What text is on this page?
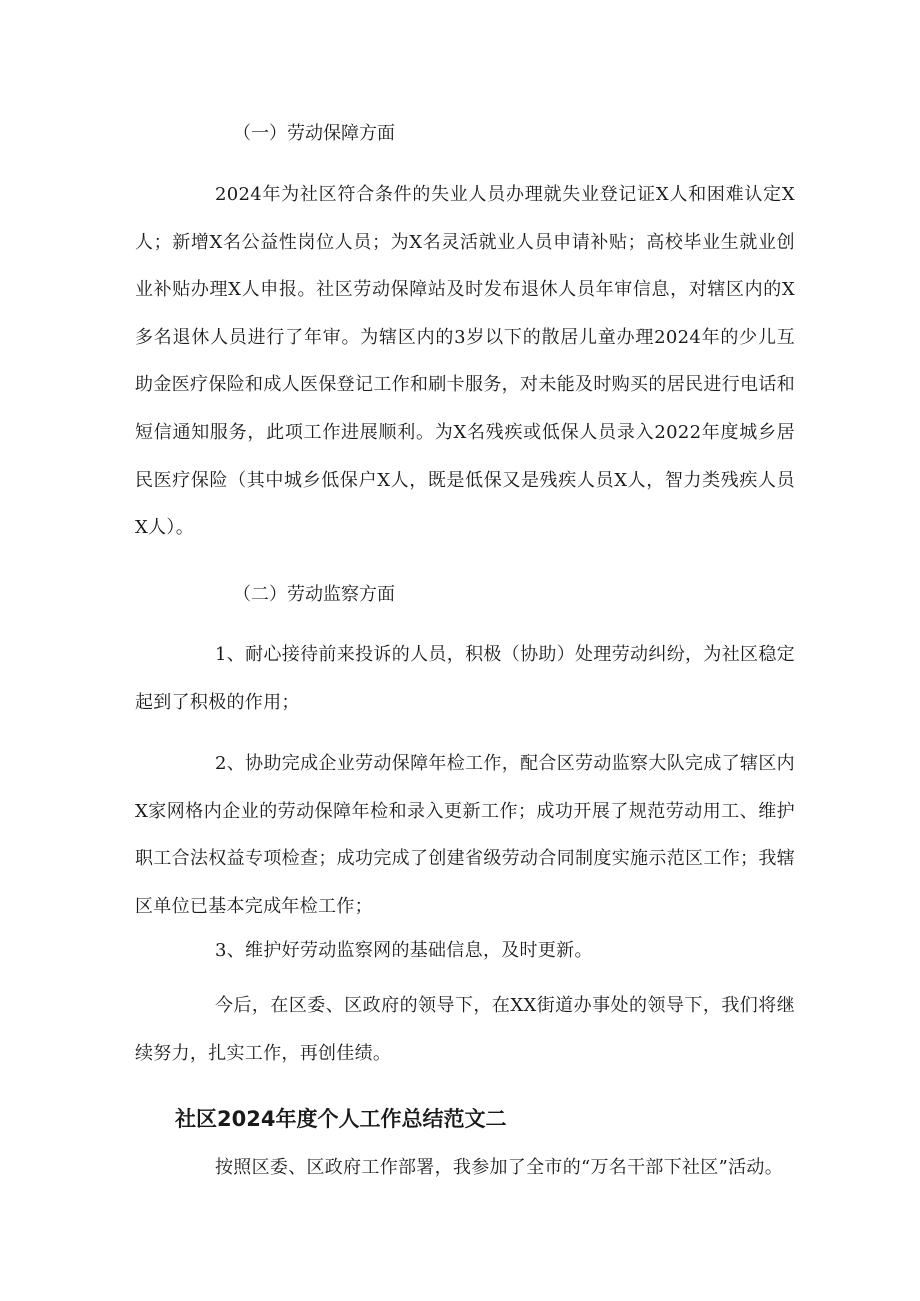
（一）劳动保障方面

2024年为社区符合条件的失业人员办理就失业登记证X人和困难认定X人；新增X名公益性岗位人员；为X名灵活就业人员申请补贴；高校毕业生就业创业补贴办理X人申报。社区劳动保障站及时发布退休人员年审信息，对辖区内的X多名退休人员进行了年审。为辖区内的3岁以下的散居儿童办理2024年的少儿互助金医疗保险和成人医保登记工作和刷卡服务，对未能及时购买的居民进行电话和短信通知服务，此项工作进展顺利。为X名残疾或低保人员录入2022年度城乡居民医疗保险（其中城乡低保户X人，既是低保又是残疾人员X人，智力类残疾人员X人）。

（二）劳动监察方面

1、耐心接待前来投诉的人员，积极（协助）处理劳动纠纷，为社区稳定起到了积极的作用；

2、协助完成企业劳动保障年检工作，配合区劳动监察大队完成了辖区内X家网格内企业的劳动保障年检和录入更新工作；成功开展了规范劳动用工、维护职工合法权益专项检查；成功完成了创建省级劳动合同制度实施示范区工作；我辖区单位已基本完成年检工作；

3、维护好劳动监察网的基础信息，及时更新。

今后，在区委、区政府的领导下，在XX街道办事处的领导下，我们将继续努力，扎实工作，再创佳绩。

社区2024年度个人工作总结范文二
按照区委、区政府工作部署，我参加了全市的“万名干部下社区”活动。
